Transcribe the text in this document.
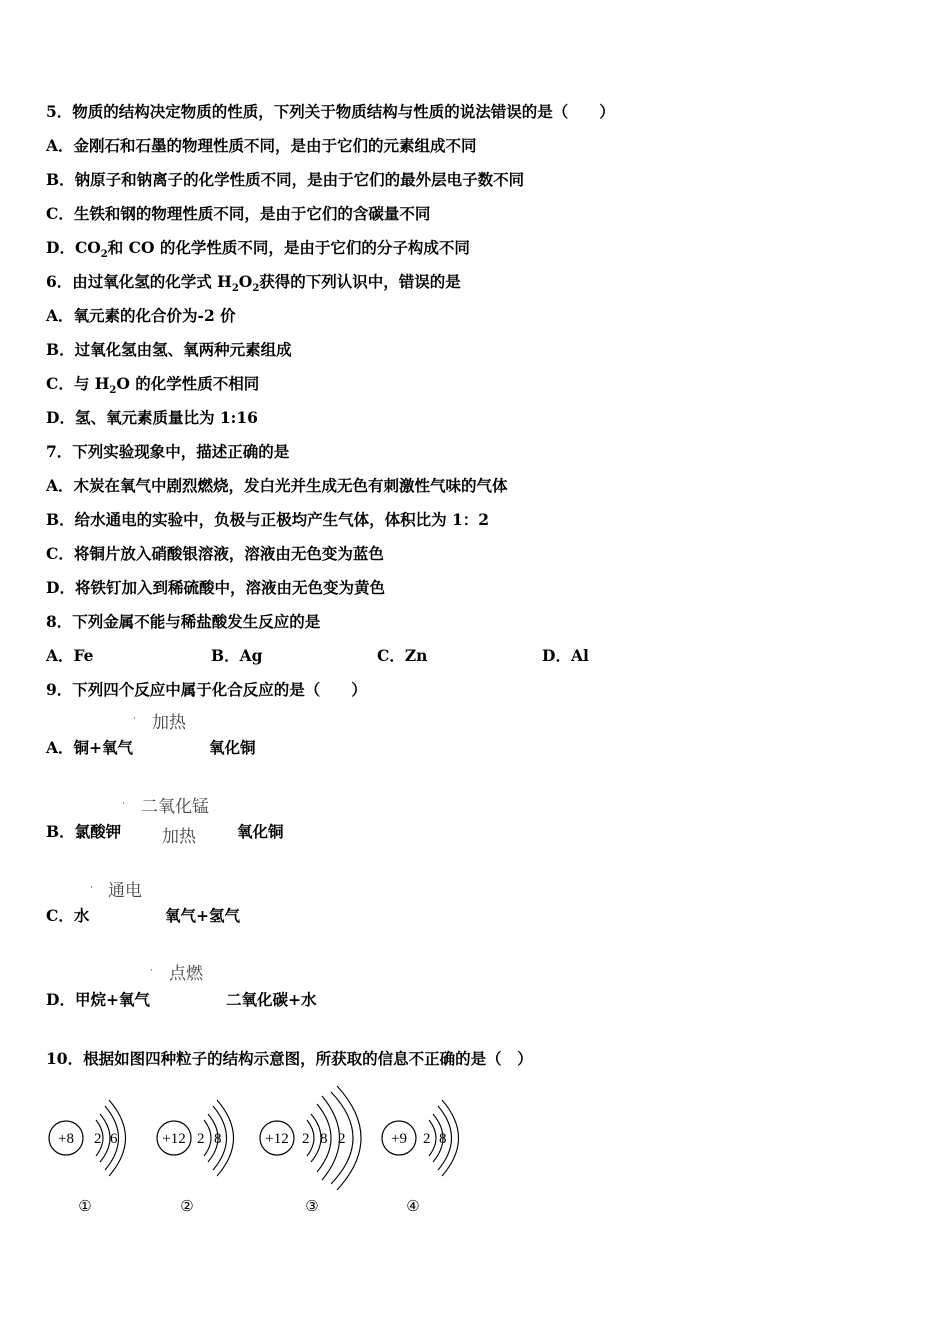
5．物质的结构决定物质的性质，下列关于物质结构与性质的说法错误的是（　　）
A．金刚石和石墨的物理性质不同，是由于它们的元素组成不同
B．钠原子和钠离子的化学性质不同，是由于它们的最外层电子数不同
C．生铁和钢的物理性质不同，是由于它们的含碳量不同
D．$CO_2$和 CO 的化学性质不同，是由于它们的分子构成不同
6．由过氧化氢的化学式 $H_2O_2$获得的下列认识中，错误的是
A．氧元素的化合价为-2 价
B．过氧化氢由氢、氧两种元素组成
C．与 $H_2O$ 的化学性质不相同
D．氢、氧元素质量比为 1:16
7．下列实验现象中，描述正确的是
A．木炭在氧气中剧烈燃烧，发白光并生成无色有刺激性气味的气体
B．给水通电的实验中，负极与正极均产生气体，体积比为 1：2
C．将铜片放入硝酸银溶液，溶液由无色变为蓝色
D．将铁钉加入到稀硫酸中，溶液由无色变为黄色
8．下列金属不能与稀盐酸发生反应的是
A．Fe	B．Ag	C．Zn	D．Al
9．下列四个反应中属于化合反应的是（　　）
· 加热
A．铜+氧气	氧化铜
· 二氧化锰
加热
B．氯酸钾	氧化铜
· 通电
C．水	氧气+氢气
· 点燃
D．甲烷+氧气	二氧化碳+水
10．根据如图四种粒子的结构示意图，所获取的信息不正确的是（　）
+8 2 6
①
+12 2 8
②
+12 2 8 2
③
+9 2 8
④
